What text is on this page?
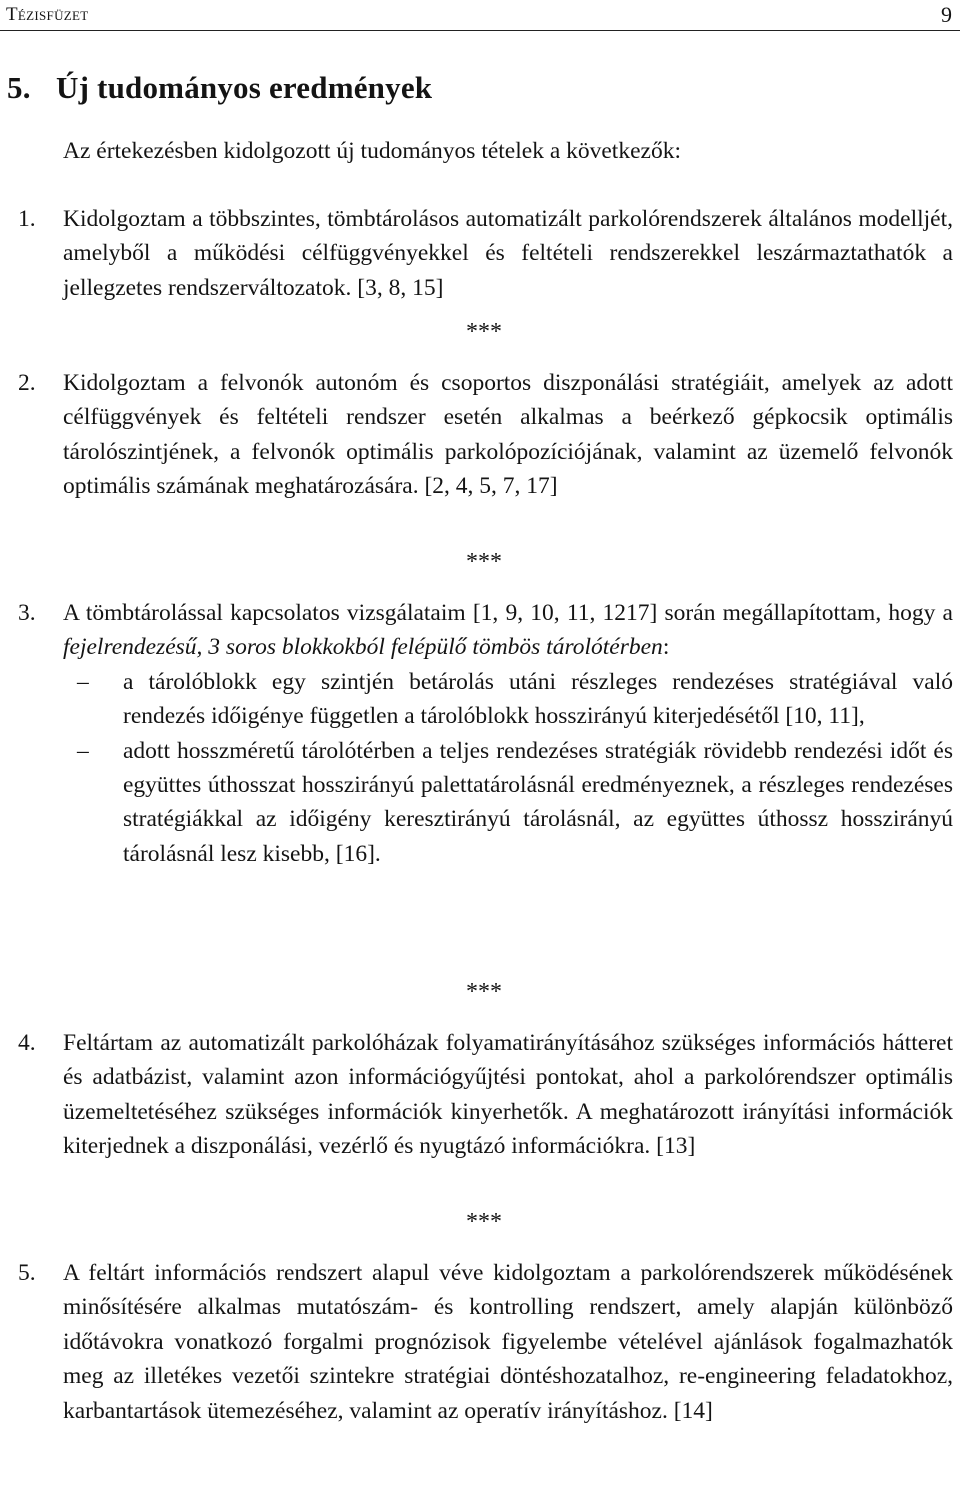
Tézisfüzet	9
5. Új tudományos eredmények

Az értekezésben kidolgozott új tudományos tételek a következők:

1.	Kidolgoztam a többszintes, tömbtárolásos automatizált parkolórendszerek általános modelljét, amelyből a működési célfüggvényekkel és feltételi rendszerekkel leszármaztathatók a jellegzetes rendszerváltozatok. [3, 8, 15]

***
2.	Kidolgoztam a felvonók autonóm és csoportos diszponálási stratégiáit, amelyek az adott célfüggvények és feltételi rendszer esetén alkalmas a beérkező gépkocsik optimális tárolószintjének, a felvonók optimális parkolópozíciójának, valamint az üzemelő felvonók optimális számának meghatározására. [2, 4, 5, 7, 17]

***
3.	A tömbtárolással kapcsolatos vizsgálataim [1, 9, 10, 11, 1217] során megállapítottam, hogy a fejelrendezésű, 3 soros blokkokból felépülő tömbös tárolótérben:

– a tárolóblokk egy szintjén betárolás utáni részleges rendezéses stratégiával való rendezés időigénye független a tárolóblokk hosszirányú kiterjedésétől [10, 11],
– adott hosszméretű tárolótérben a teljes rendezéses stratégiák rövidebb rendezési időt és együttes úthosszat hosszirányú palettatárolásnál eredményeznek, a részleges rendezéses stratégiákkal az időigény keresztirányú tárolásnál, az együttes úthossz hosszirányú tárolásnál lesz kisebb, [16].
***
4.	Feltártam az automatizált parkolóházak folyamatirányításához szükséges információs hátteret és adatbázist, valamint azon információgyűjtési pontokat, ahol a parkolórendszer optimális üzemeltetéséhez szükséges információk kinyerhetők. A meghatározott irányítási információk kiterjednek a diszponálási, vezérlő és nyugtázó információkra. [13]

***
5.	A feltárt információs rendszert alapul véve kidolgoztam a parkolórendszerek működésének minősítésére alkalmas mutatószám- és kontrolling rendszert, amely alapján különböző időtávokra vonatkozó forgalmi prognózisok figyelembe vételével ajánlások fogalmazhatók meg az illetékes vezetői szintekre stratégiai döntéshozatalhoz, re-engineering feladatokhoz, karbantartások ütemezéséhez, valamint az operatív irányításhoz. [14]
